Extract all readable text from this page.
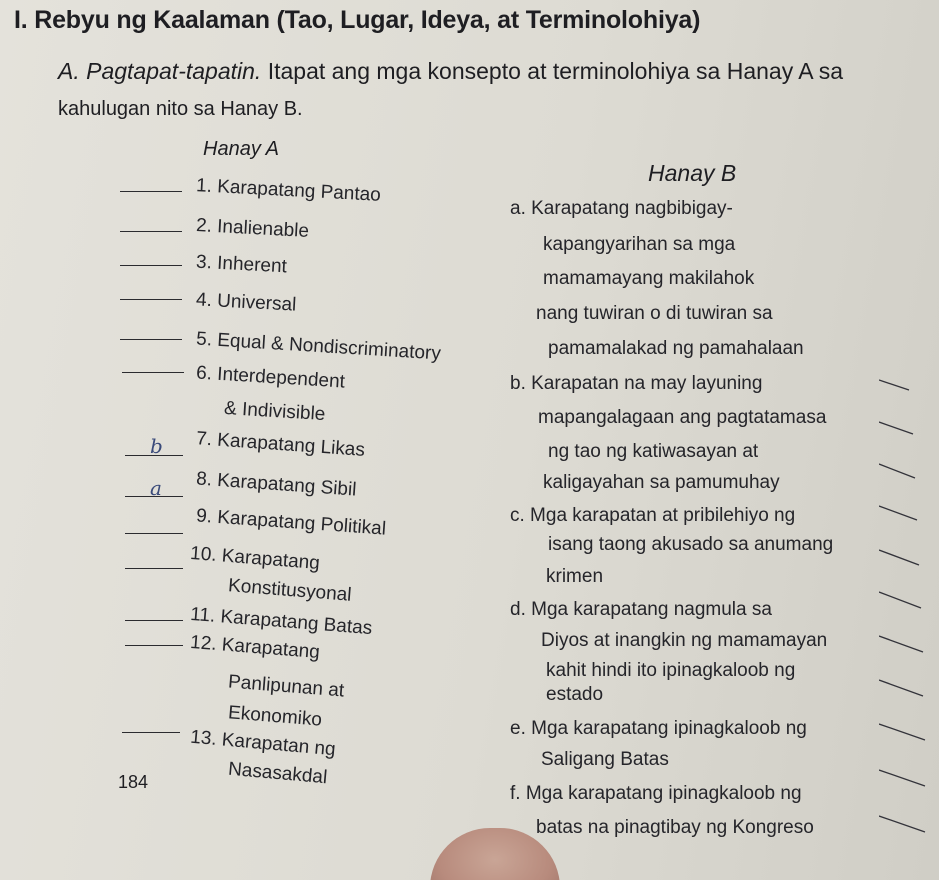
I. Rebyu ng Kaalaman (Tao, Lugar, Ideya, at Terminolohiya)
A. Pagtapat-tapatin. Itapat ang mga konsepto at terminolohiya sa Hanay A sa
kahulugan nito sa Hanay B.
Hanay A
Hanay B
b
a
1. Karapatang Pantao
2. Inalienable
3. Inherent
4. Universal
5. Equal & Nondiscriminatory
6. Interdependent
& Indivisible
7. Karapatang Likas
8. Karapatang Sibil
9. Karapatang Politikal
10. Karapatang
Konstitusyonal
11. Karapatang Batas
12. Karapatang
Panlipunan at
Ekonomiko
13. Karapatan ng
Nasasakdal
a. Karapatang nagbibigay-
kapangyarihan sa mga
mamamayang makilahok
nang tuwiran o di tuwiran sa
pamamalakad ng pamahalaan
b. Karapatan na may layuning
mapangalagaan ang pagtatamasa
ng tao ng katiwasayan at
kaligayahan sa pamumuhay
c. Mga karapatan at pribilehiyo ng
isang taong akusado sa anumang
krimen
d. Mga karapatang nagmula sa
Diyos at inangkin ng mamamayan
kahit hindi ito ipinagkaloob ng
estado
e. Mga karapatang ipinagkaloob ng
Saligang Batas
f. Mga karapatang ipinagkaloob ng
batas na pinagtibay ng Kongreso
184
